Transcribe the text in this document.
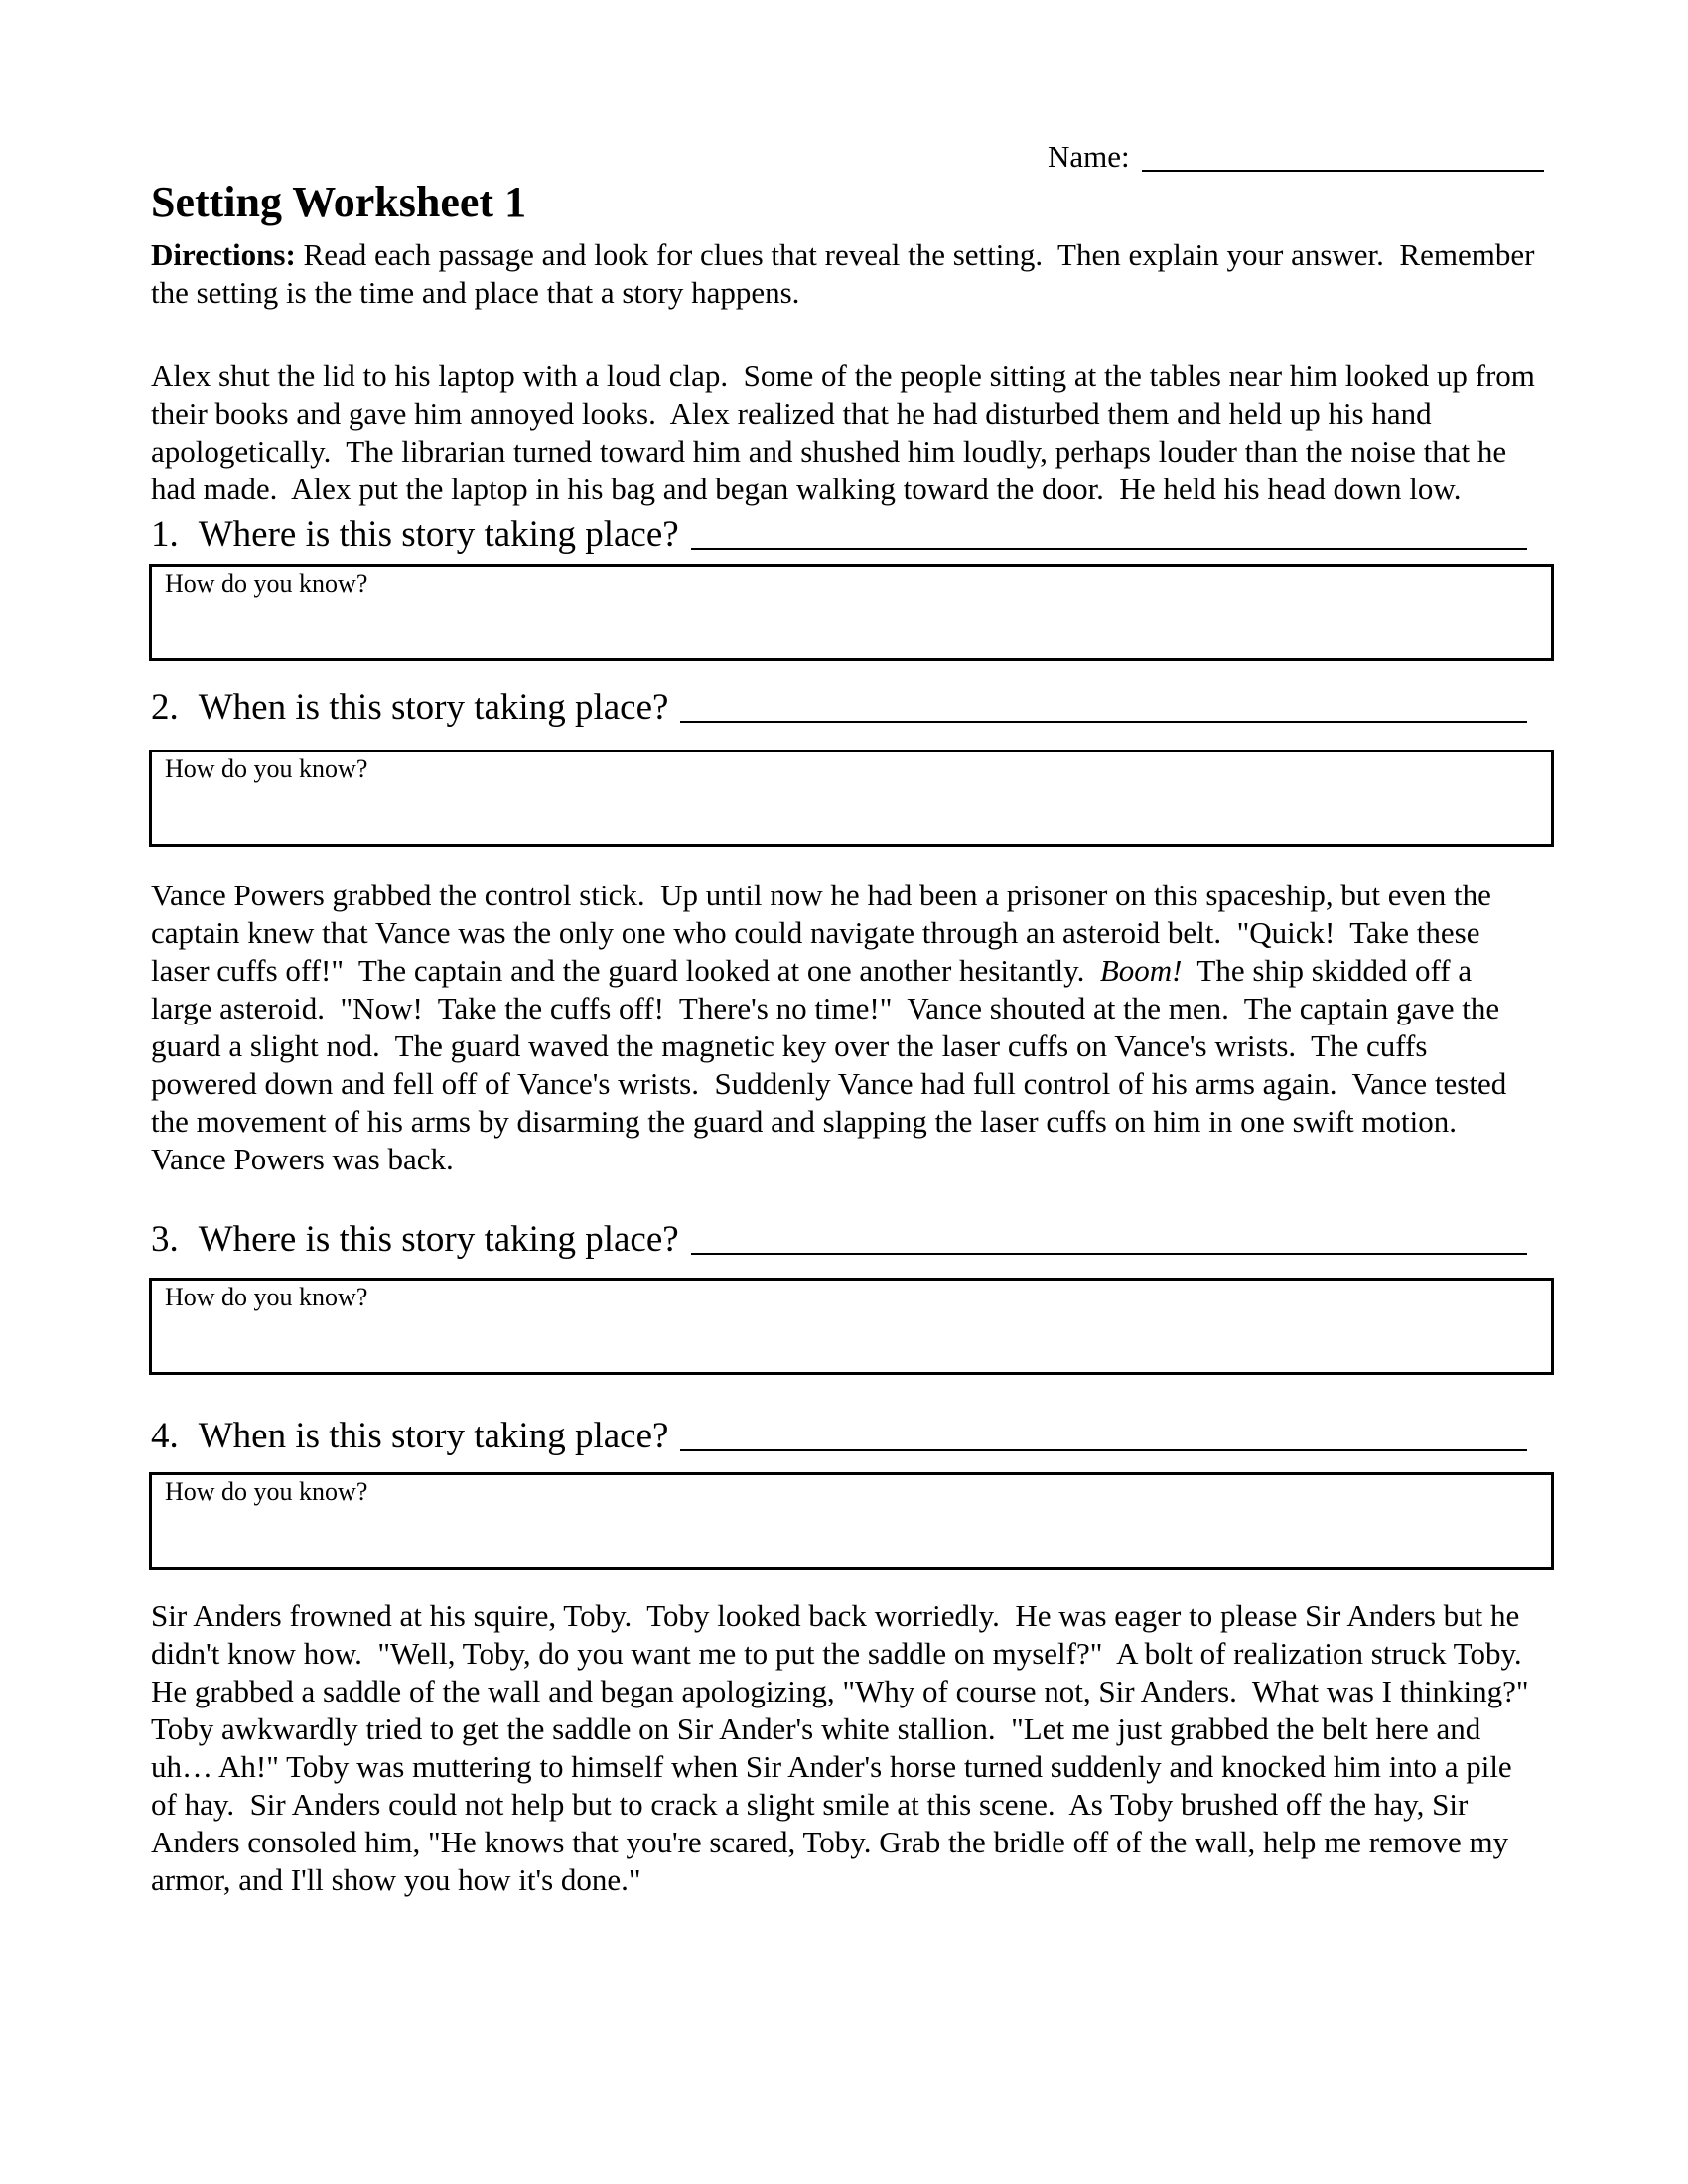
Name:
Setting Worksheet 1

Directions: Read each passage and look for clues that reveal the setting.  Then explain your answer.  Remember the setting is the time and place that a story happens.

Alex shut the lid to his laptop with a loud clap.  Some of the people sitting at the tables near him looked up from their books and gave him annoyed looks.  Alex realized that he had disturbed them and held up his hand apologetically.  The librarian turned toward him and shushed him loudly, perhaps louder than the noise that he had made.  Alex put the laptop in his bag and began walking toward the door.  He held his head down low.

1. Where is this story taking place?
How do you know?
2. When is this story taking place?
How do you know?

Vance Powers grabbed the control stick.  Up until now he had been a prisoner on this spaceship, but even the captain knew that Vance was the only one who could navigate through an asteroid belt.  "Quick!  Take these laser cuffs off!"  The captain and the guard looked at one another hesitantly.  Boom!  The ship skidded off a large asteroid.  "Now!  Take the cuffs off!  There's no time!"  Vance shouted at the men.  The captain gave the guard a slight nod.  The guard waved the magnetic key over the laser cuffs on Vance's wrists.  The cuffs powered down and fell off of Vance's wrists.  Suddenly Vance had full control of his arms again.  Vance tested the movement of his arms by disarming the guard and slapping the laser cuffs on him in one swift motion.  Vance Powers was back.

3. Where is this story taking place?
How do you know?
4. When is this story taking place?
How do you know?

Sir Anders frowned at his squire, Toby.  Toby looked back worriedly.  He was eager to please Sir Anders but he didn't know how.  "Well, Toby, do you want me to put the saddle on myself?"  A bolt of realization struck Toby. He grabbed a saddle of the wall and began apologizing, "Why of course not, Sir Anders.  What was I thinking?"  Toby awkwardly tried to get the saddle on Sir Ander's white stallion.  "Let me just grabbed the belt here and uh… Ah!" Toby was muttering to himself when Sir Ander's horse turned suddenly and knocked him into a pile of hay.  Sir Anders could not help but to crack a slight smile at this scene.  As Toby brushed off the hay, Sir Anders consoled him, "He knows that you're scared, Toby. Grab the bridle off of the wall, help me remove my armor, and I'll show you how it's done."
